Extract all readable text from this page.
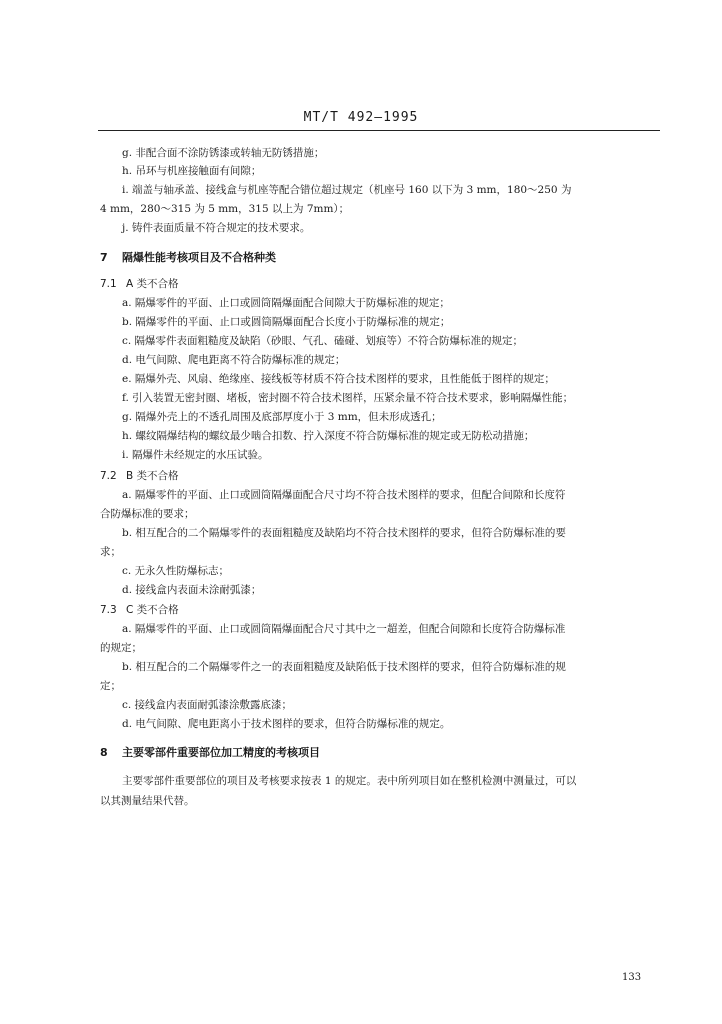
MT/T 492—1995
g. 非配合面不涂防锈漆或转轴无防锈措施；
h. 吊环与机座接触面有间隙；
i. 端盖与轴承盖、接线盒与机座等配合错位超过规定（机座号 160 以下为 3 mm，180～250 为
4 mm，280～315 为 5 mm，315 以上为 7mm）；
j. 铸件表面质量不符合规定的技术要求。
7 隔爆性能考核项目及不合格种类
7.1 A 类不合格
a. 隔爆零件的平面、止口或圆筒隔爆面配合间隙大于防爆标准的规定；
b. 隔爆零件的平面、止口或圆筒隔爆面配合长度小于防爆标准的规定；
c. 隔爆零件表面粗糙度及缺陷（砂眼、气孔、磕碰、划痕等）不符合防爆标准的规定；
d. 电气间隙、爬电距离不符合防爆标准的规定；
e. 隔爆外壳、风扇、绝缘座、接线板等材质不符合技术图样的要求，且性能低于图样的规定；
f. 引入装置无密封圈、堵板，密封圈不符合技术图样，压紧余量不符合技术要求，影响隔爆性能；
g. 隔爆外壳上的不透孔周围及底部厚度小于 3 mm，但未形成透孔；
h. 螺纹隔爆结构的螺纹最少啮合扣数、拧入深度不符合防爆标准的规定或无防松动措施；
i. 隔爆件未经规定的水压试验。
7.2 B 类不合格
a. 隔爆零件的平面、止口或圆筒隔爆面配合尺寸均不符合技术图样的要求，但配合间隙和长度符
合防爆标准的要求；
b. 相互配合的二个隔爆零件的表面粗糙度及缺陷均不符合技术图样的要求，但符合防爆标准的要
求；
c. 无永久性防爆标志；
d. 接线盒内表面未涂耐弧漆；
7.3 C 类不合格
a. 隔爆零件的平面、止口或圆筒隔爆面配合尺寸其中之一超差，但配合间隙和长度符合防爆标准
的规定；
b. 相互配合的二个隔爆零件之一的表面粗糙度及缺陷低于技术图样的要求，但符合防爆标准的规
定；
c. 接线盒内表面耐弧漆涂敷露底漆；
d. 电气间隙、爬电距离小于技术图样的要求，但符合防爆标准的规定。
8 主要零部件重要部位加工精度的考核项目
主要零部件重要部位的项目及考核要求按表 1 的规定。表中所列项目如在整机检测中测量过，可以
以其测量结果代替。
133
